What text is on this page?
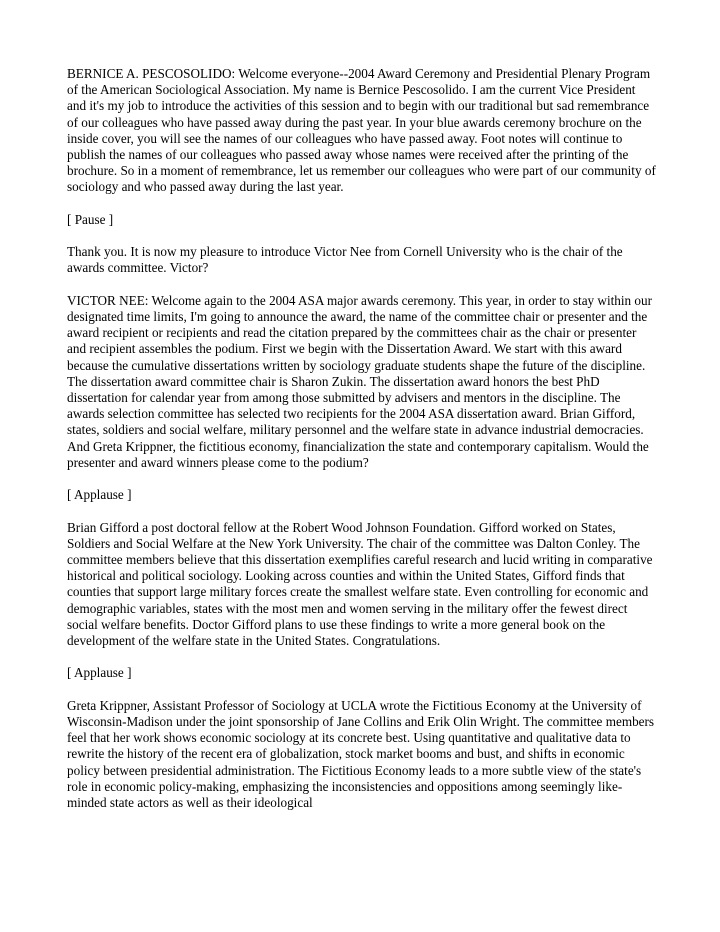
BERNICE A. PESCOSOLIDO: Welcome everyone--2004 Award Ceremony and Presidential Plenary Program of the American Sociological Association. My name is Bernice Pescosolido. I am the current Vice President and it's my job to introduce the activities of this session and to begin with our traditional but sad remembrance of our colleagues who have passed away during the past year. In your blue awards ceremony brochure on the inside cover, you will see the names of our colleagues who have passed away. Foot notes will continue to publish the names of our colleagues who passed away whose names were received after the printing of the brochure. So in a moment of remembrance, let us remember our colleagues who were part of our community of sociology and who passed away during the last year.

[ Pause ]

Thank you. It is now my pleasure to introduce Victor Nee from Cornell University who is the chair of the awards committee. Victor?

VICTOR NEE: Welcome again to the 2004 ASA major awards ceremony. This year, in order to stay within our designated time limits, I'm going to announce the award, the name of the committee chair or presenter and the award recipient or recipients and read the citation prepared by the committees chair as the chair or presenter and recipient assembles the podium. First we begin with the Dissertation Award. We start with this award because the cumulative dissertations written by sociology graduate students shape the future of the discipline. The dissertation award committee chair is Sharon Zukin. The dissertation award honors the best PhD dissertation for calendar year from among those submitted by advisers and mentors in the discipline. The awards selection committee has selected two recipients for the 2004 ASA dissertation award. Brian Gifford, states, soldiers and social welfare, military personnel and the welfare state in advance industrial democracies. And Greta Krippner, the fictitious economy, financialization the state and contemporary capitalism. Would the presenter and award winners please come to the podium?

[ Applause ]

Brian Gifford a post doctoral fellow at the Robert Wood Johnson Foundation. Gifford worked on States, Soldiers and Social Welfare at the New York University. The chair of the committee was Dalton Conley. The committee members believe that this dissertation exemplifies careful research and lucid writing in comparative historical and political sociology. Looking across counties and within the United States, Gifford finds that counties that support large military forces create the smallest welfare state. Even controlling for economic and demographic variables, states with the most men and women serving in the military offer the fewest direct social welfare benefits. Doctor Gifford plans to use these findings to write a more general book on the development of the welfare state in the United States. Congratulations.

[ Applause ]

Greta Krippner, Assistant Professor of Sociology at UCLA wrote the Fictitious Economy at the University of Wisconsin-Madison under the joint sponsorship of Jane Collins and Erik Olin Wright. The committee members feel that her work shows economic sociology at its concrete best. Using quantitative and qualitative data to rewrite the history of the recent era of globalization, stock market booms and bust, and shifts in economic policy between presidential administration. The Fictitious Economy leads to a more subtle view of the state's role in economic policy-making, emphasizing the inconsistencies and oppositions among seemingly like-minded state actors as well as their ideological
